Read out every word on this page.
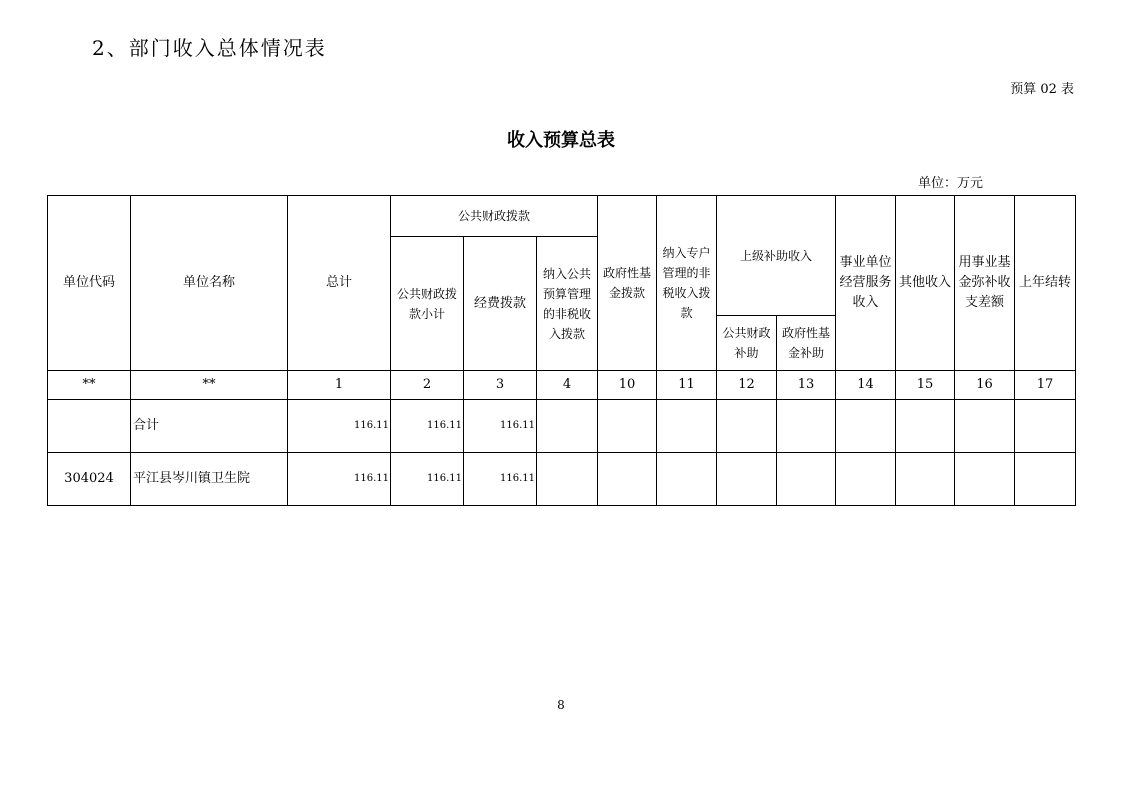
2、部门收入总体情况表
预算 02 表
收入预算总表
单位：万元
单位代码	单位名称	总计	公共财政拨款			政府性基金拨款	纳入专户管理的非税收入拨款	上级补助收入		事业单位经营服务收入	其他收入	用事业基金弥补收支差额	上年结转
			公共财政拨款小计	经费拨款	纳入公共预算管理的非税收入拨款								
								公共财政补助	政府性基金补助				
**	**	1	2	3	4	10	11	12	13	14	15	16	17
	合计	116.11	116.11	116.11									
304024	平江县岑川镇卫生院	116.11	116.11	116.11									
8
